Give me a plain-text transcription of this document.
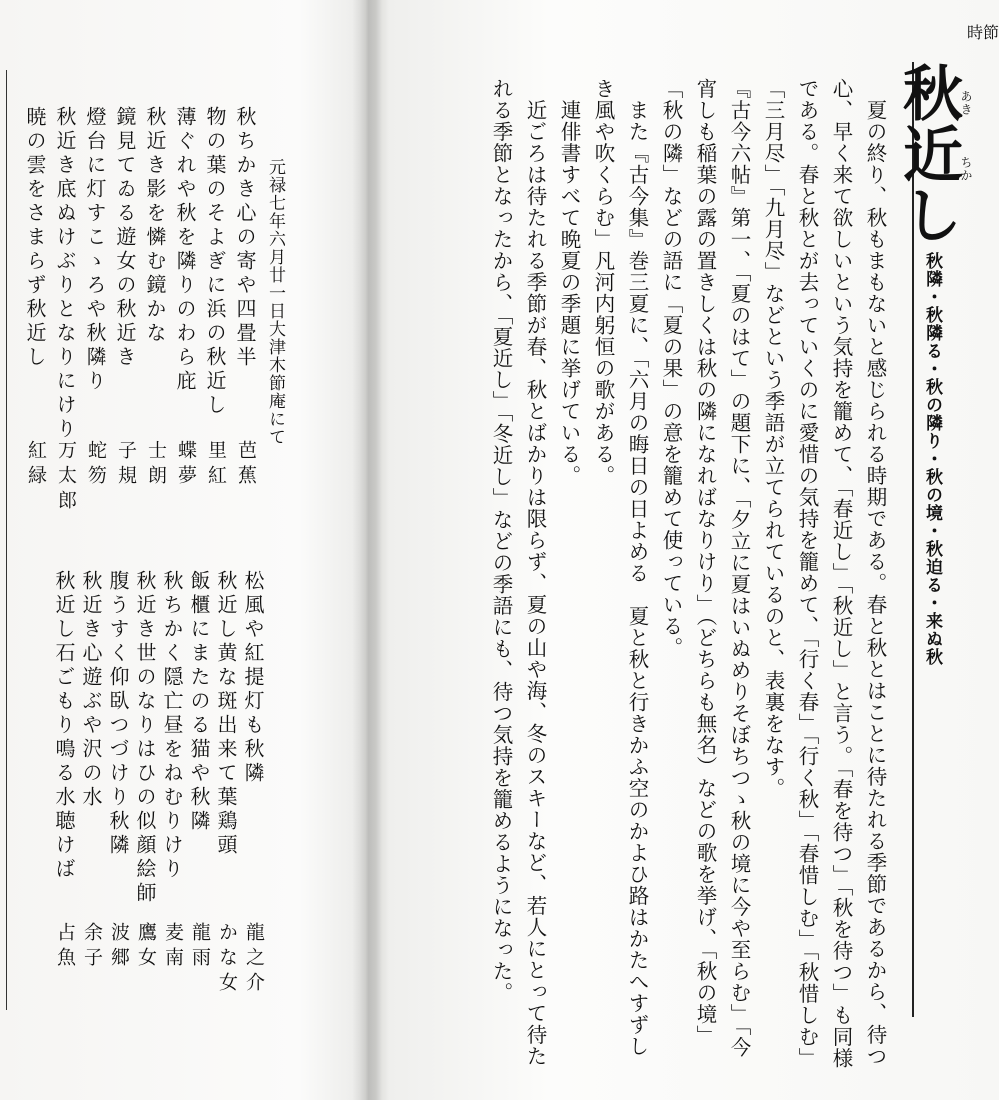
時節
秋近し
あき
ちか
秋隣・秋隣る・秋の隣り・秋の境・秋迫る・来ぬ秋
　夏の終り、秋もまもないと感じられる時期である。春と秋とはことに待たれる季節であるから、待つ
心、早く来て欲しいという気持を籠めて、「春近し」「秋近し」と言う。「春を待つ」「秋を待つ」も同様
である。春と秋とが去っていくのに愛惜の気持を籠めて、「行く春」「行く秋」「春惜しむ」「秋惜しむ」
「三月尽」「九月尽」などという季語が立てられているのと、表裏をなす。
『古今六帖』第一、「夏のはて」の題下に、「夕立に夏はいぬめりそぼちつゝ秋の境に今や至らむ」「今
宵しも稲葉の露の置きしくは秋の隣になればなりけり」（どちらも無名）などの歌を挙げ、「秋の境」
「秋の隣」などの語に「夏の果」の意を籠めて使っている。
　また『古今集』巻三夏に、「六月の晦日の日よめる　夏と秋と行きかふ空のかよひ路はかたへすずし
き風や吹くらむ」凡河内躬恒の歌がある。
　連俳書すべて晩夏の季題に挙げている。
　近ごろは待たれる季節が春、秋とばかりは限らず、夏の山や海、冬のスキーなど、若人にとって待た
れる季節となったから、「夏近し」「冬近し」などの季語にも、待つ気持を籠めるようになった。
元禄七年六月廿一日大津木節庵にて
秋ちかき心の寄や四畳半
芭蕉
物の葉のそよぎに浜の秋近し
里紅
薄ぐれや秋を隣りのわら庇
蝶夢
秋近き影を憐む鏡かな
士朗
鏡見てゐる遊女の秋近き
子規
燈台に灯すこゝろや秋隣り
蛇笏
秋近き底ぬけぶりとなりにけり
万太郎
暁の雲をさまらず秋近し
紅緑
松風や紅提灯も秋隣
龍之介
秋近し黄な斑出来て葉鶏頭
かな女
飯櫃にまたのる猫や秋隣
龍雨
秋ちかく隠亡昼をねむりけり
麦南
秋近き世のなりはひの似顔絵師
鷹女
腹うすく仰臥つづけり秋隣
波郷
秋近き心遊ぶや沢の水
余子
秋近し石ごもり鳴る水聴けば
占魚
